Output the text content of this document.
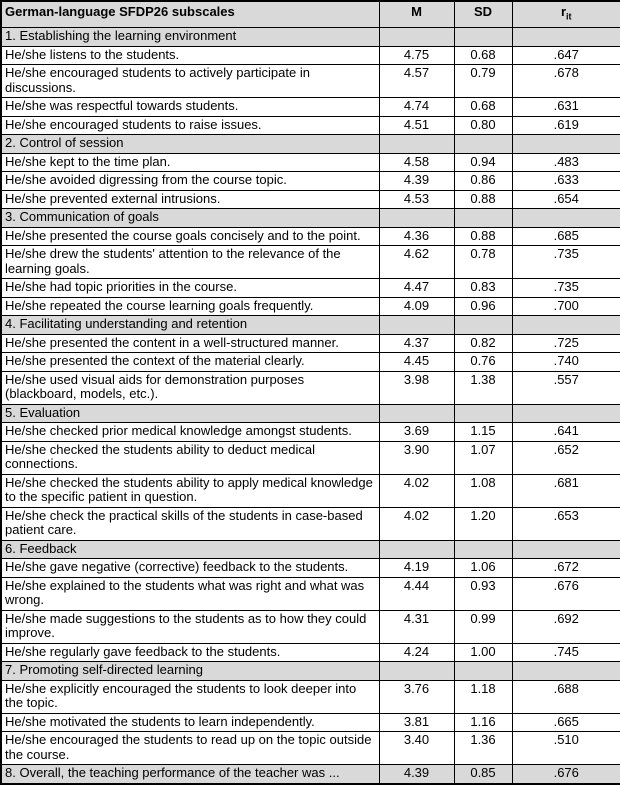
German-language SFDP26 subscales	M	SD	$r_{it}$
1. Establishing the learning environment			
He/she listens to the students.	4.75	0.68	.647
He/she encouraged students to actively participate in discussions.	4.57	0.79	.678
He/she was respectful towards students.	4.74	0.68	.631
He/she encouraged students to raise issues.	4.51	0.80	.619
2. Control of session			
He/she kept to the time plan.	4.58	0.94	.483
He/she avoided digressing from the course topic.	4.39	0.86	.633
He/she prevented external intrusions.	4.53	0.88	.654
3. Communication of goals			
He/she presented the course goals concisely and to the point.	4.36	0.88	.685
He/she drew the students' attention to the relevance of the learning goals.	4.62	0.78	.735
He/she had topic priorities in the course.	4.47	0.83	.735
He/she repeated the course learning goals frequently.	4.09	0.96	.700
4. Facilitating understanding and retention			
He/she presented the content in a well-structured manner.	4.37	0.82	.725
He/she presented the context of the material clearly.	4.45	0.76	.740
He/she used visual aids for demonstration purposes (blackboard, models, etc.).	3.98	1.38	.557
5. Evaluation			
He/she checked prior medical knowledge amongst students.	3.69	1.15	.641
He/she checked the students ability to deduct medical connections.	3.90	1.07	.652
He/she checked the students ability to apply medical knowledge to the specific patient in question.	4.02	1.08	.681
He/she check the practical skills of the students in case-based patient care.	4.02	1.20	.653
6. Feedback			
He/she gave negative (corrective) feedback to the students.	4.19	1.06	.672
He/she explained to the students what was right and what was wrong.	4.44	0.93	.676
He/she made suggestions to the students as to how they could improve.	4.31	0.99	.692
He/she regularly gave feedback to the students.	4.24	1.00	.745
7. Promoting self-directed learning			
He/she explicitly encouraged the students to look deeper into the topic.	3.76	1.18	.688
He/she motivated the students to learn independently.	3.81	1.16	.665
He/she encouraged the students to read up on the topic outside the course.	3.40	1.36	.510
8. Overall, the teaching performance of the teacher was ...	4.39	0.85	.676
